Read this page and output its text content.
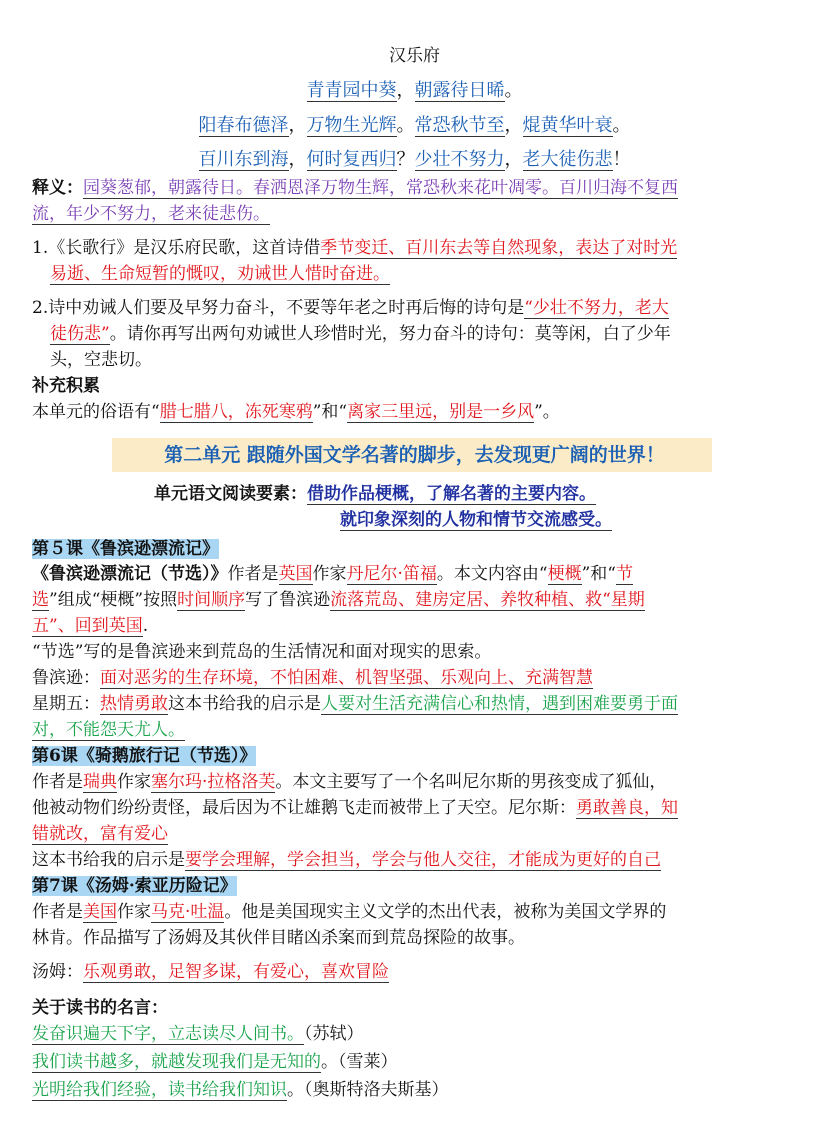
汉乐府
青青园中葵，朝露待日晞。
阳春布德泽，万物生光辉。常恐秋节至，焜黄华叶衰。
百川东到海，何时复西归？少壮不努力，老大徒伤悲！
释义：园葵葱郁，朝露待日。春洒恩泽万物生辉，常恐秋来花叶凋零。百川归海不复西
流，年少不努力，老来徒悲伤。
1.《长歌行》是汉乐府民歌，这首诗借季节变迁、百川东去等自然现象，表达了对时光
易逝、生命短暂的慨叹，劝诫世人惜时奋进。
2.诗中劝诫人们要及早努力奋斗，不要等年老之时再后悔的诗句是“少壮不努力，老大
徒伤悲”。请你再写出两句劝诫世人珍惜时光，努力奋斗的诗句：莫等闲，白了少年
头，空悲切。
补充积累
本单元的俗语有“腊七腊八，冻死寒鸦”和“离家三里远，别是一乡风”。
第二单元 跟随外国文学名著的脚步，去发现更广阔的世界！
单元语文阅读要素：借助作品梗概，了解名著的主要内容。
就印象深刻的人物和情节交流感受。
第５课《鲁滨逊漂流记》
《鲁滨逊漂流记（节选）》作者是英国作家丹尼尔·笛福。本文内容由“梗概”和“节
选”组成“梗概”按照时间顺序写了鲁滨逊流落荒岛、建房定居、养牧种植、救“星期
五”、回到英国.
“节选”写的是鲁滨逊来到荒岛的生活情况和面对现实的思索。
鲁滨逊：面对恶劣的生存环境，不怕困难、机智坚强、乐观向上、充满智慧
星期五：热情勇敢这本书给我的启示是人要对生活充满信心和热情，遇到困难要勇于面
对，不能怨天尤人。
第6课《骑鹅旅行记（节选）》
作者是瑞典作家塞尔玛·拉格洛芙。本文主要写了一个名叫尼尔斯的男孩变成了狐仙，
他被动物们纷纷责怪，最后因为不让雄鹅飞走而被带上了天空。尼尔斯：勇敢善良，知
错就改，富有爱心
这本书给我的启示是要学会理解，学会担当，学会与他人交往，才能成为更好的自己
第7课《汤姆·索亚历险记》
作者是美国作家马克·吐温。他是美国现实主义文学的杰出代表，被称为美国文学界的
林肯。作品描写了汤姆及其伙伴目睹凶杀案而到荒岛探险的故事。
汤姆：乐观勇敢，足智多谋，有爱心，喜欢冒险
关于读书的名言：
发奋识遍天下字，立志读尽人间书。（苏轼）
我们读书越多，就越发现我们是无知的。（雪莱）
光明给我们经验，读书给我们知识。（奥斯特洛夫斯基）
